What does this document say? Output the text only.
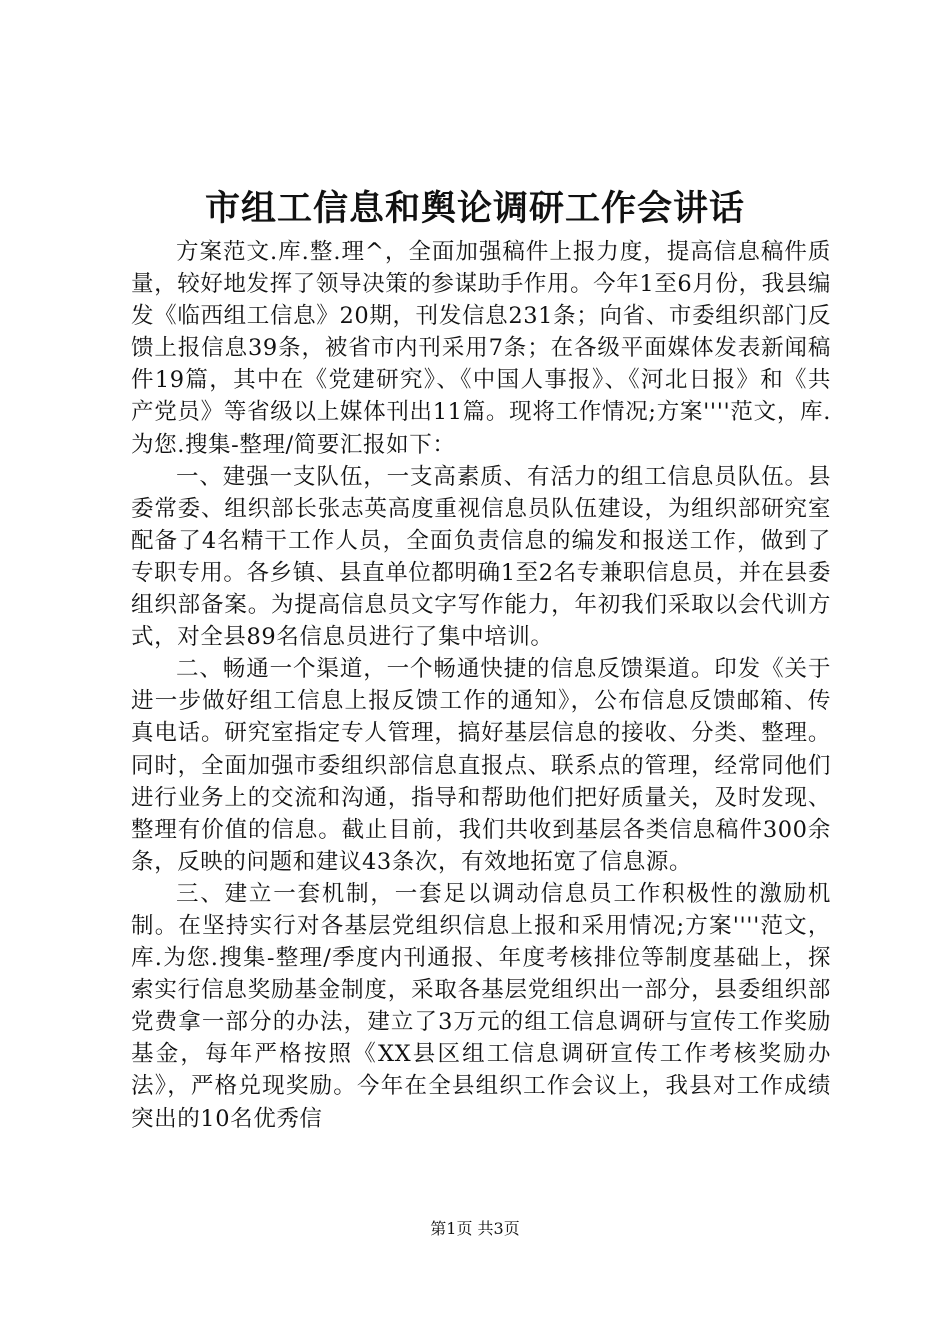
市组工信息和舆论调研工作会讲话

方案范文.库.整.理^，全面加强稿件上报力度，提高信息稿件质量，较好地发挥了领导决策的参谋助手作用。今年1至6月份，我县编发《临西组工信息》20期，刊发信息231条；向省、市委组织部门反馈上报信息39条，被省市内刊采用7条；在各级平面媒体发表新闻稿件19篇，其中在《党建研究》、《中国人事报》、《河北日报》和《共产党员》等省级以上媒体刊出11篇。现将工作情况;方案''''范文，库.为您.搜集-整理/简要汇报如下：

一、建强一支队伍，一支高素质、有活力的组工信息员队伍。县委常委、组织部长张志英高度重视信息员队伍建设，为组织部研究室配备了4名精干工作人员，全面负责信息的编发和报送工作，做到了专职专用。各乡镇、县直单位都明确1至2名专兼职信息员，并在县委组织部备案。为提高信息员文字写作能力，年初我们采取以会代训方式，对全县89名信息员进行了集中培训。

二、畅通一个渠道，一个畅通快捷的信息反馈渠道。印发《关于进一步做好组工信息上报反馈工作的通知》，公布信息反馈邮箱、传真电话。研究室指定专人管理，搞好基层信息的接收、分类、整理。同时，全面加强市委组织部信息直报点、联系点的管理，经常同他们进行业务上的交流和沟通，指导和帮助他们把好质量关，及时发现、整理有价值的信息。截止目前，我们共收到基层各类信息稿件300余条，反映的问题和建议43条次，有效地拓宽了信息源。

三、建立一套机制，一套足以调动信息员工作积极性的激励机制。在坚持实行对各基层党组织信息上报和采用情况;方案''''范文，库.为您.搜集-整理/季度内刊通报、年度考核排位等制度基础上，探索实行信息奖励基金制度，采取各基层党组织出一部分，县委组织部党费拿一部分的办法，建立了3万元的组工信息调研与宣传工作奖励基金，每年严格按照《XX县区组工信息调研宣传工作考核奖励办法》，严格兑现奖励。今年在全县组织工作会议上，我县对工作成绩突出的10名优秀信

第1页 共3页
